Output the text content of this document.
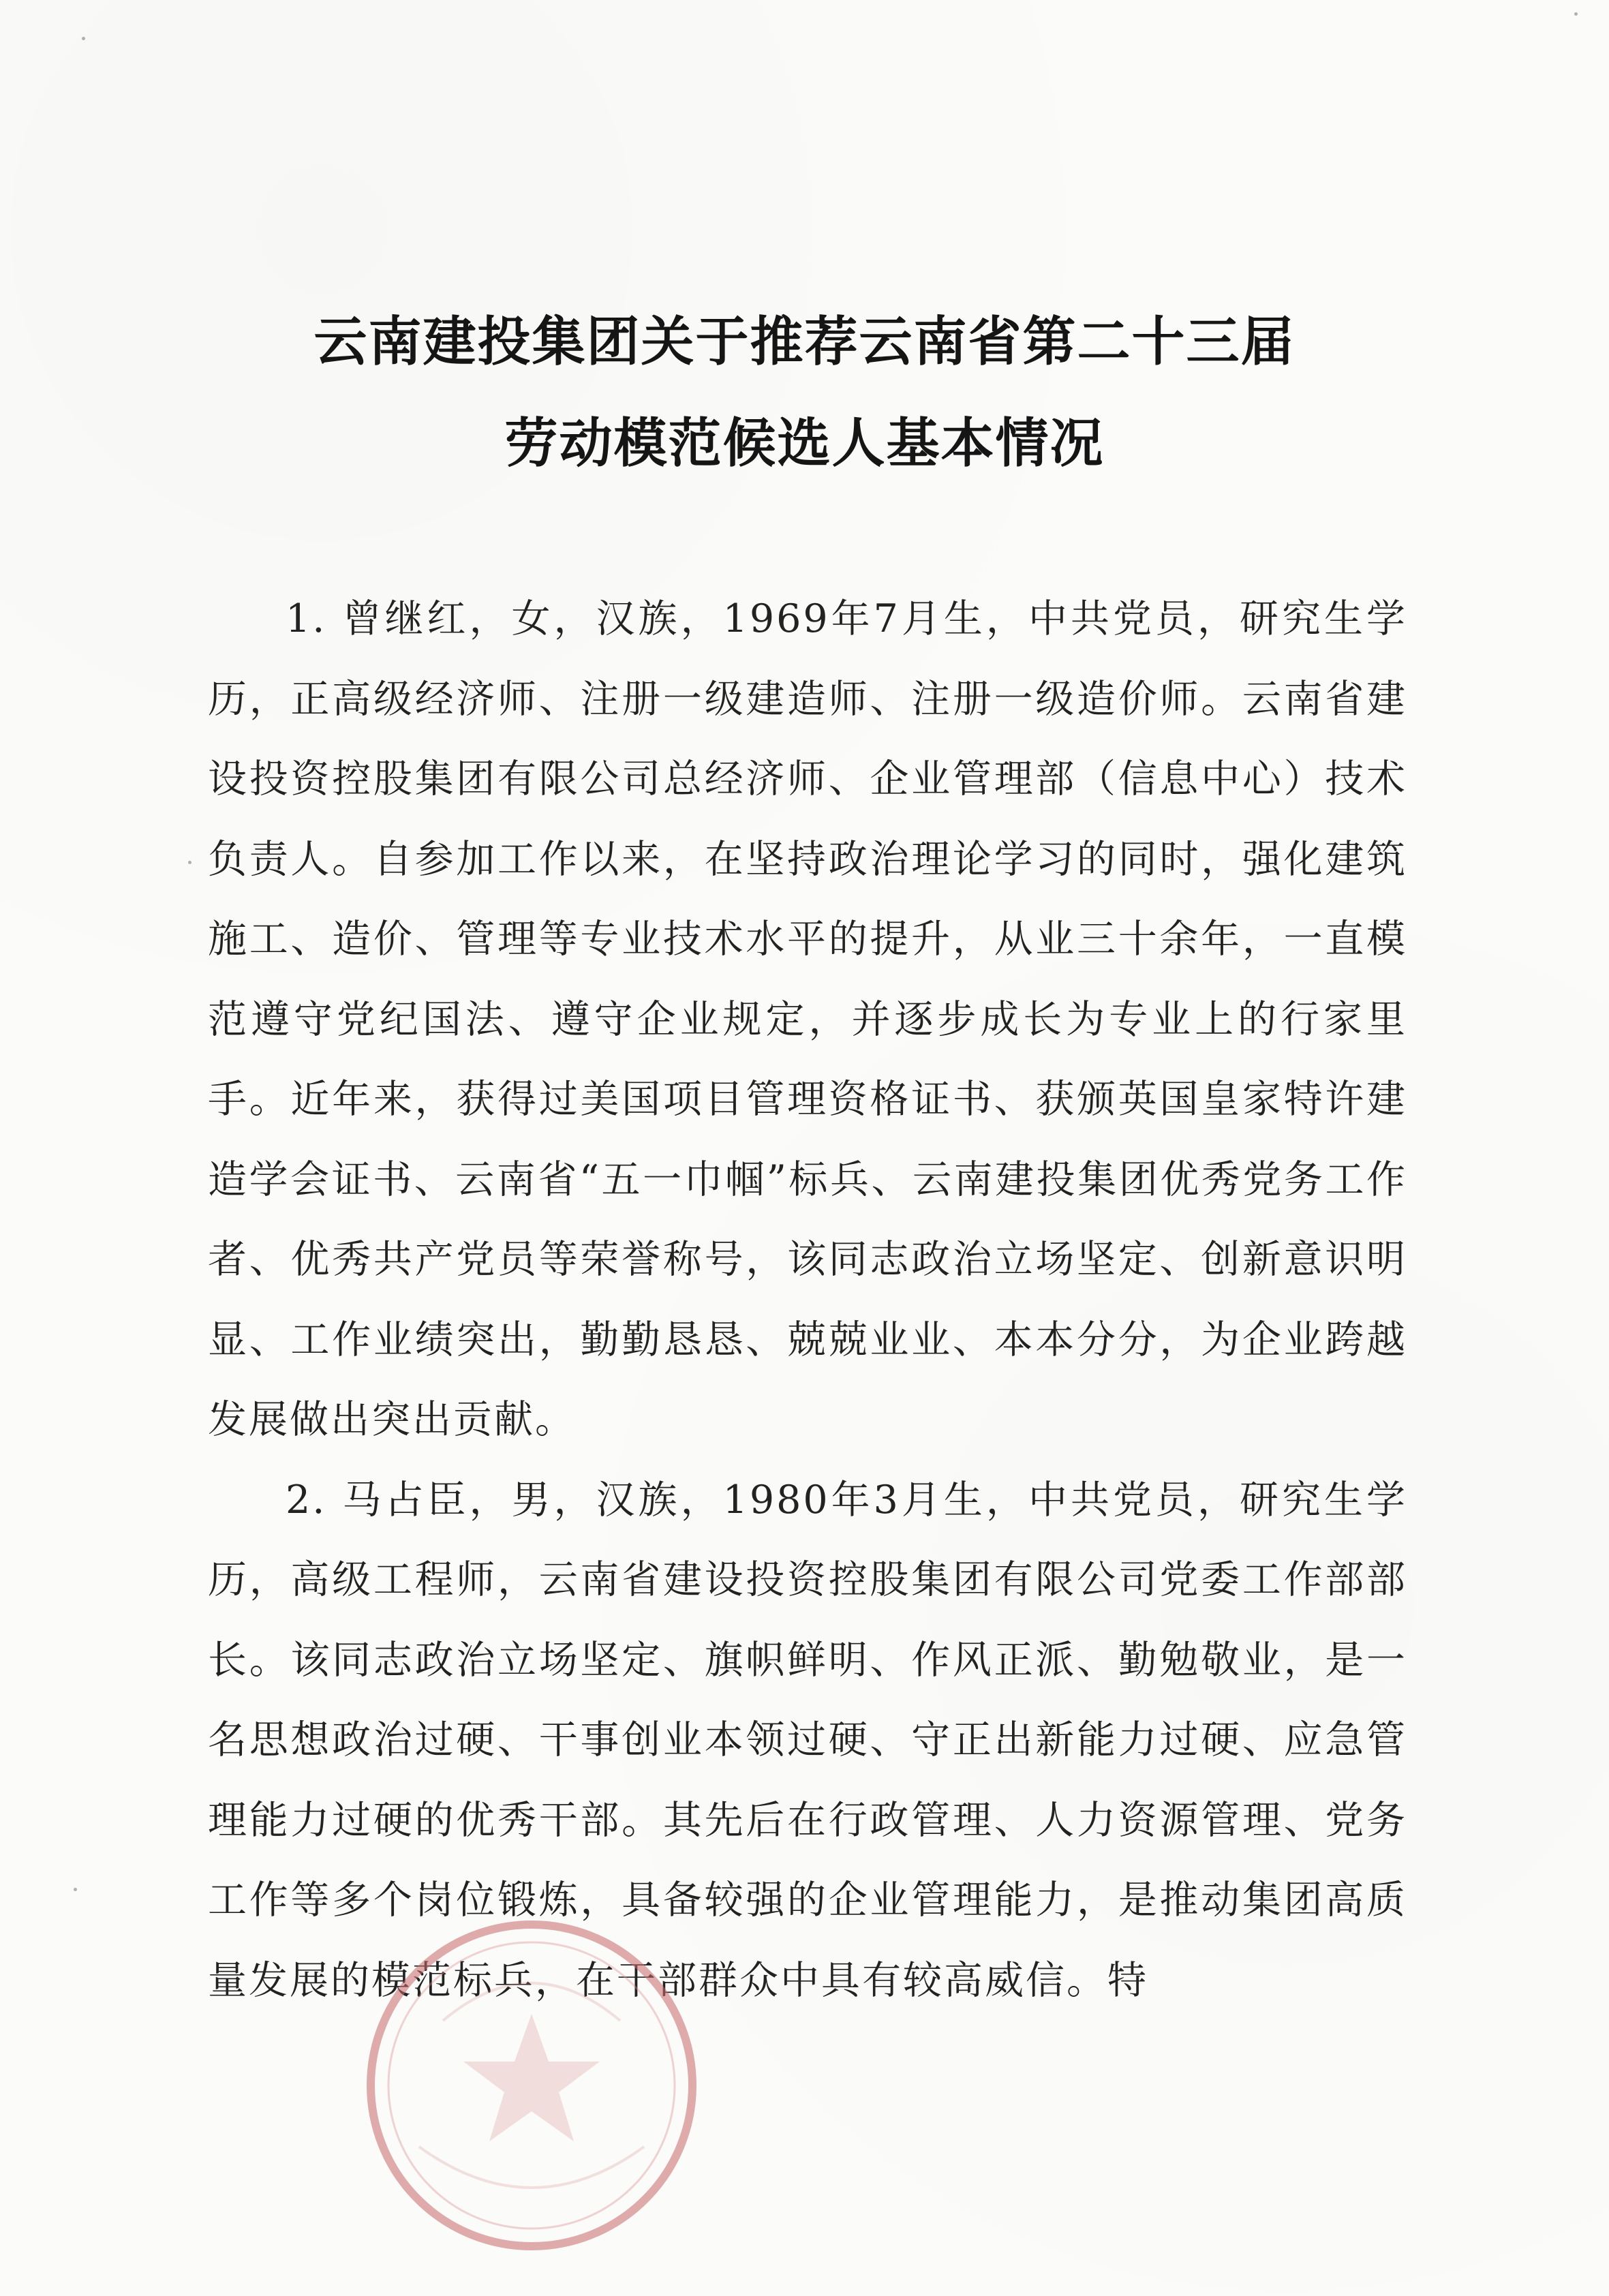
云南建投集团关于推荐云南省第二十三届
劳动模范候选人基本情况

1. 曾继红，女，汉族，1969年7月生，中共党员，研究生学历，正高级经济师、注册一级建造师、注册一级造价师。云南省建设投资控股集团有限公司总经济师、企业管理部（信息中心）技术负责人。自参加工作以来，在坚持政治理论学习的同时，强化建筑施工、造价、管理等专业技术水平的提升，从业三十余年，一直模范遵守党纪国法、遵守企业规定，并逐步成长为专业上的行家里手。近年来，获得过美国项目管理资格证书、获颁英国皇家特许建造学会证书、云南省“五一巾帼”标兵、云南建投集团优秀党务工作者、优秀共产党员等荣誉称号，该同志政治立场坚定、创新意识明显、工作业绩突出，勤勤恳恳、兢兢业业、本本分分，为企业跨越发展做出突出贡献。

2. 马占臣，男，汉族，1980年3月生，中共党员，研究生学历，高级工程师，云南省建设投资控股集团有限公司党委工作部部长。该同志政治立场坚定、旗帜鲜明、作风正派、勤勉敬业，是一名思想政治过硬、干事创业本领过硬、守正出新能力过硬、应急管理能力过硬的优秀干部。其先后在行政管理、人力资源管理、党务工作等多个岗位锻炼，具备较强的企业管理能力，是推动集团高质量发展的模范标兵，在干部群众中具有较高威信。特
